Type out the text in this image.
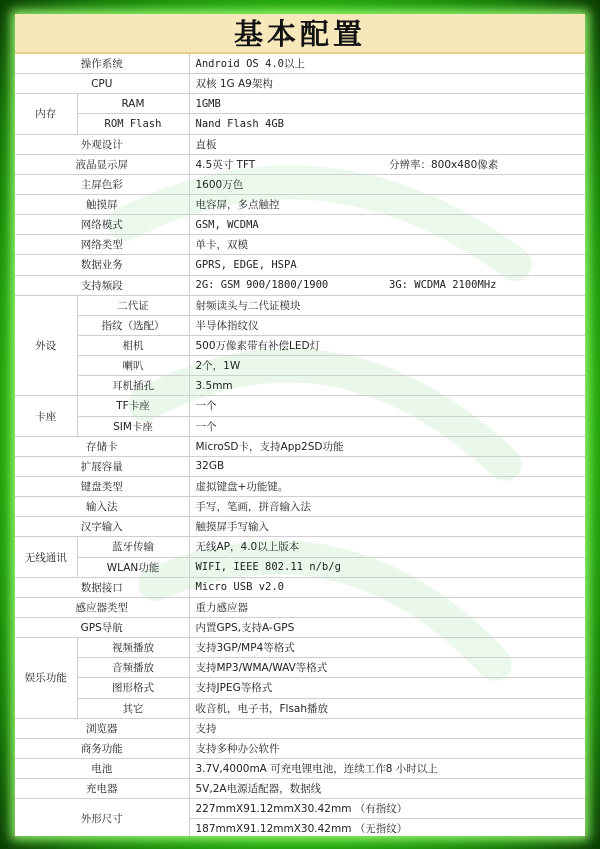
基本配置
操作系统		Android OS 4.0以上	
CPU		双核 1G A9架构	
内存	RAM	1GMB	
	ROM Flash	Nand Flash 4GB	
外观设计		直板	
液晶显示屏		4.5英寸 TFT	分辨率：800x480像素
主屏色彩		1600万色	
触摸屏		电容屏，多点触控	
网络模式		GSM, WCDMA	
网络类型		单卡，双模	
数据业务		GPRS, EDGE, HSPA	
支持频段		2G: GSM 900/1800/1900	3G: WCDMA 2100MHz
外设	二代证	射频读头与二代证模块	
	指纹（选配）	半导体指纹仪	
	相机	500万像素带有补偿LED灯	
	喇叭	2个，1W	
	耳机插孔	3.5mm	
卡座	TF卡座	一个	
	SIM卡座	一个	
存储卡		MicroSD卡，支持App2SD功能	
扩展容量		32GB	
键盘类型		虚拟键盘+功能键。	
输入法		手写，笔画，拼音输入法	
汉字输入		触摸屏手写输入	
无线通讯	蓝牙传输	无线AP，4.0以上版本	
	WLAN功能	WIFI, IEEE 802.11 n/b/g	
数据接口		Micro USB v2.0	
感应器类型		重力感应器	
GPS导航		内置GPS,支持A-GPS	
娱乐功能	视频播放	支持3GP/MP4等格式	
	音频播放	支持MP3/WMA/WAV等格式	
	图形格式	支持JPEG等格式	
	其它	收音机，电子书，Flsah播放	
浏览器		支持	
商务功能		支持多种办公软件	
电池		3.7V,4000mA 可充电锂电池，连续工作8 小时以上	
充电器		5V,2A电源适配器，数据线	
外形尺寸		227mmX91.12mmX30.42mm （有指纹）	
		187mmX91.12mmX30.42mm （无指纹）	
